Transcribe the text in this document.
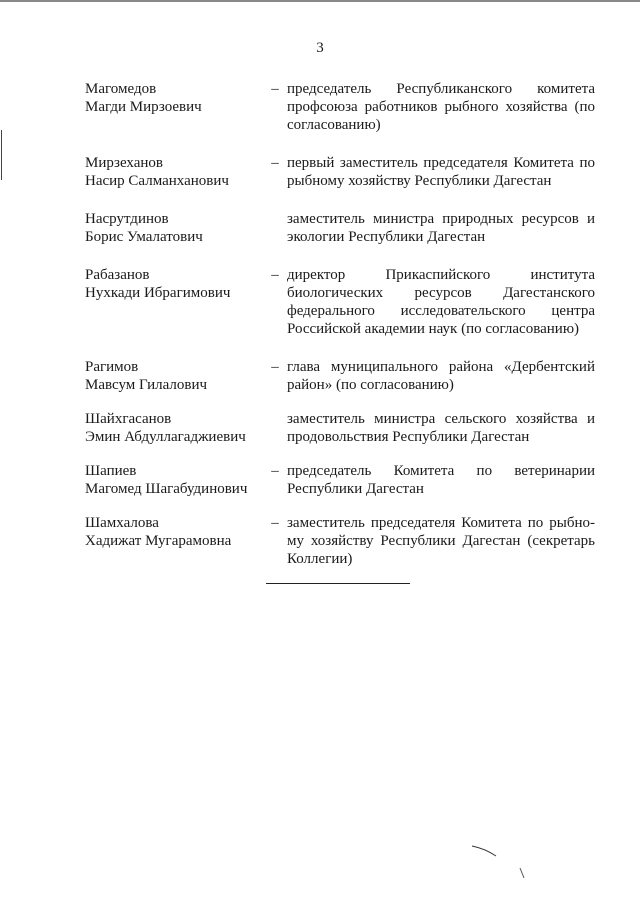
3
Магомедов
Магди Мирзоевич
– председатель Республиканского комитета
профсоюза работников рыбного хозяйства (по
согласованию)
Мирзеханов
Насир Салманханович
– первый заместитель председателя Комитета по
рыбному хозяйству Республики Дагестан
Насрутдинов
Борис Умалатович
заместитель министра природных ресурсов и
экологии Республики Дагестан
Рабазанов
Нухкади Ибрагимович
– директор Прикаспийского института
биологических ресурсов Дагестанского
федерального исследовательского центра
Российской академии наук (по согласованию)
Рагимов
Мавсум Гилалович
– глава муниципального района «Дербентский
район» (по согласованию)
Шайхгасанов
Эмин Абдуллагаджиевич
заместитель министра сельского хозяйства и
продовольствия Республики Дагестан
Шапиев
Магомед Шагабудинович
– председатель Комитета по ветеринарии
Республики Дагестан
Шамхалова
Хадижат Мугарамовна
– заместитель председателя Комитета по рыбно-
му хозяйству Республики Дагестан (секретарь
Коллегии)
